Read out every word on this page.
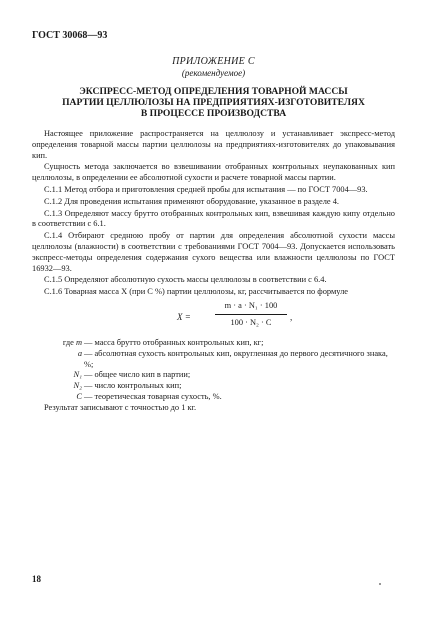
ГОСТ 30068—93
ПРИЛОЖЕНИЕ С
(рекомендуемое)
ЭКСПРЕСС-МЕТОД ОПРЕДЕЛЕНИЯ ТОВАРНОЙ МАССЫ
ПАРТИИ ЦЕЛЛЮЛОЗЫ НА ПРЕДПРИЯТИЯХ-ИЗГОТОВИТЕЛЯХ
В ПРОЦЕССЕ ПРОИЗВОДСТВА

Настоящее приложение распространяется на целлюлозу и устанавливает экспресс-метод определения товарной массы партии целлюлозы на предприятиях-изготовителях до упаковывания кип.

Сущность метода заключается во взвешивании отобранных контрольных неупакованных кип целлюлозы, в определении ее абсолютной сухости и расчете товарной массы партии.

С.1.1 Метод отбора и приготовления средней пробы для испытания — по ГОСТ 7004—93.

С.1.2 Для проведения испытания применяют оборудование, указанное в разделе 4.

С.1.3 Определяют массу брутто отобранных контрольных кип, взвешивая каждую кипу отдельно в соответствии с 6.1.

С.1.4 Отбирают среднюю пробу от партии для определения абсолютной сухости массы целлюлозы (влажности) в соответствии с требованиями ГОСТ 7004—93. Допускается использовать экспресс-методы определения содержания сухого вещества или влажности целлюлозы по ГОСТ 16932—93.

С.1.5 Определяют абсолютную сухость массы целлюлозы в соответствии с 6.4.

С.1.6 Товарная масса X (при С %) партии целлюлозы, кг, рассчитывается по формуле

X =	$\frac{\text{m · a · N₁ · 100}}{\text{100 · N₂ · C}}$ ,
где m — масса брутто отобранных контрольных кип, кг;
a — абсолютная сухость контрольных кип, округленная до первого десятичного знака, %;
N₁ — общее число кип в партии;
N₂ — число контрольных кип;
C — теоретическая товарная сухость, %.

Результат записывают с точностью до 1 кг.

18
